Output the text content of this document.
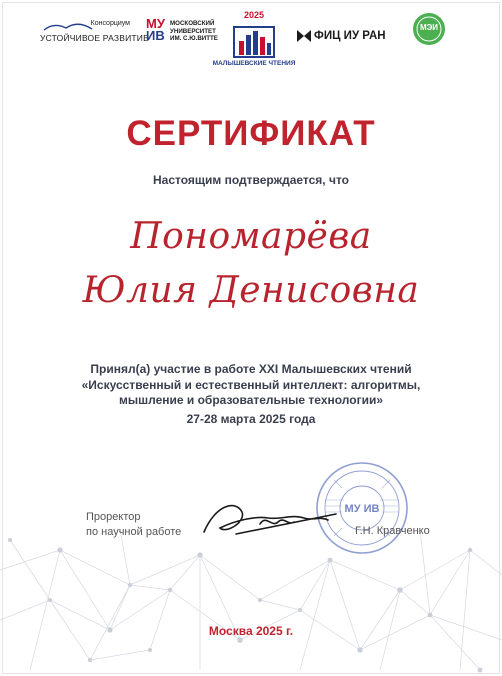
Консорциум
УСТОЙЧИВОЕ РАЗВИТИЕ
МУ
ИВ
МОСКОВСКИЙ
УНИВЕРСИТЕТ
ИМ. С.Ю.ВИТТЕ
2025
МАЛЫШЕВСКИЕ ЧТЕНИЯ
ФИЦ ИУ РАН
МЭИ
СЕРТИФИКАТ
Настоящим подтверждается, что
Пономарёва
Юлия Денисовна
Принял(а) участие в работе XXI Малышевских чтений
«Искусственный и естественный интеллект: алгоритмы,
мышление и образовательные технологии»
27-28 марта 2025 года
МУ ИВ
Проректор
по научной работе	Г.Н. Кравченко
Москва 2025 г.
